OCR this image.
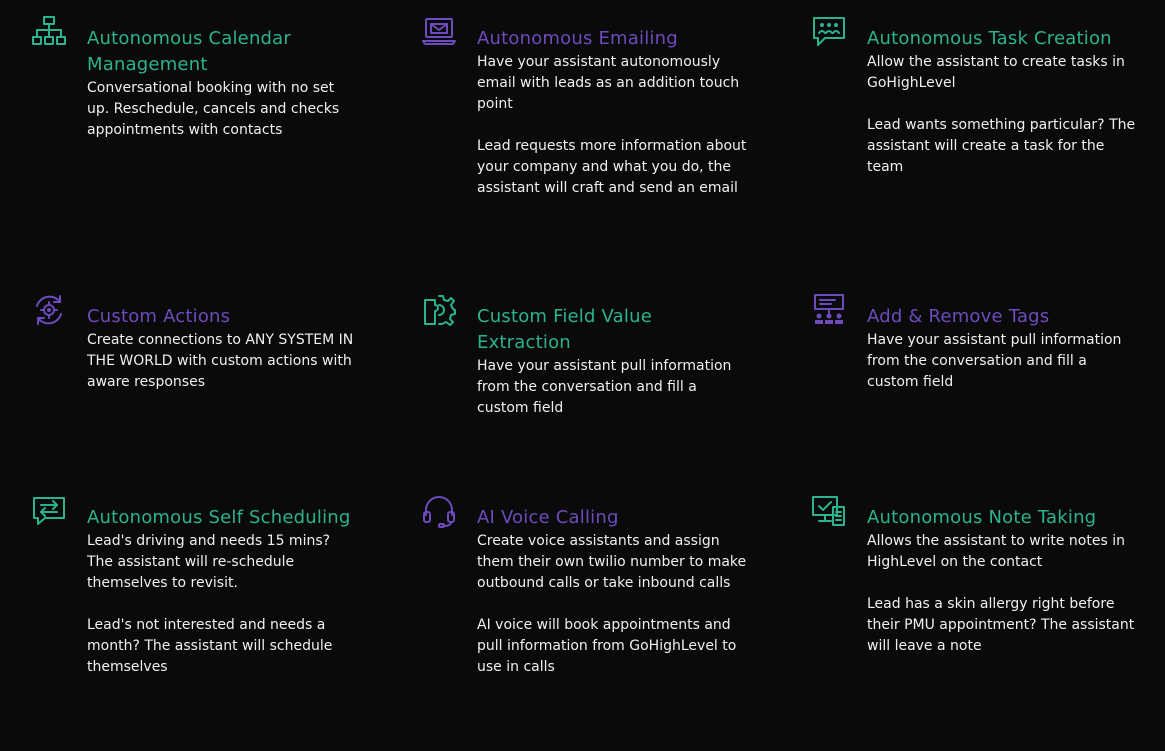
Autonomous Calendar Management

Conversational booking with no set up. Reschedule, cancels and checks appointments with contacts

Autonomous Emailing

Have your assistant autonomously email with leads as an addition touch point

Lead requests more information about your company and what you do, the assistant will craft and send an email

Autonomous Task Creation

Allow the assistant to create tasks in GoHighLevel

Lead wants something particular? The assistant will create a task for the team

Custom Actions

Create connections to ANY SYSTEM IN THE WORLD with custom actions with aware responses

Custom Field Value Extraction

Have your assistant pull information from the conversation and fill a custom field

Add & Remove Tags

Have your assistant pull information from the conversation and fill a custom field

Autonomous Self Scheduling

Lead's driving and needs 15 mins? The assistant will re-schedule themselves to revisit.

Lead's not interested and needs a month? The assistant will schedule themselves

AI Voice Calling

Create voice assistants and assign them their own twilio number to make outbound calls or take inbound calls

AI voice will book appointments and pull information from GoHighLevel to use in calls

Autonomous Note Taking

Allows the assistant to write notes in HighLevel on the contact

Lead has a skin allergy right before their PMU appointment? The assistant will leave a note
